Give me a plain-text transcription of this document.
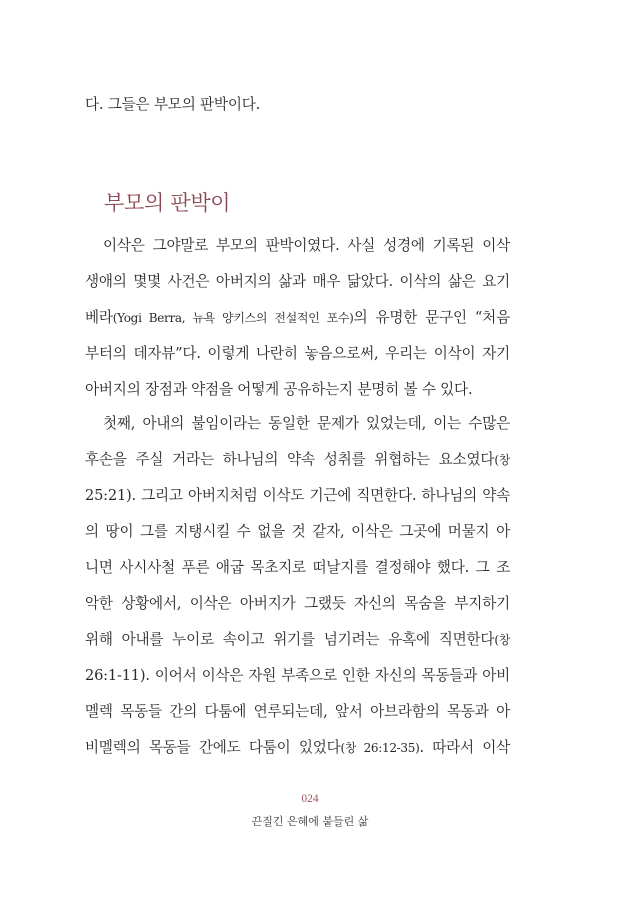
다. 그들은 부모의 판박이다.
부모의 판박이
이삭은 그야말로 부모의 판박이였다. 사실 성경에 기록된 이삭
생애의 몇몇 사건은 아버지의 삶과 매우 닮았다. 이삭의 삶은 요기
베라(Yogi Berra, 뉴욕 양키스의 전설적인 포수)의 유명한 문구인 “처음
부터의 데자뷰”다. 이렇게 나란히 놓음으로써, 우리는 이삭이 자기
아버지의 장점과 약점을 어떻게 공유하는지 분명히 볼 수 있다.
첫째, 아내의 불임이라는 동일한 문제가 있었는데, 이는 수많은
후손을 주실 거라는 하나님의 약속 성취를 위협하는 요소였다(창
25:21). 그리고 아버지처럼 이삭도 기근에 직면한다. 하나님의 약속
의 땅이 그를 지탱시킬 수 없을 것 같자, 이삭은 그곳에 머물지 아
니면 사시사철 푸른 애굽 목초지로 떠날지를 결정해야 했다. 그 조
악한 상황에서, 이삭은 아버지가 그랬듯 자신의 목숨을 부지하기
위해 아내를 누이로 속이고 위기를 넘기려는 유혹에 직면한다(창
26:1-11). 이어서 이삭은 자원 부족으로 인한 자신의 목동들과 아비
멜렉 목동들 간의 다툼에 연루되는데, 앞서 아브라함의 목동과 아
비멜렉의 목동들 간에도 다툼이 있었다(창 26:12-35). 따라서 이삭
024
끈질긴 은혜에 붙들린 삶
